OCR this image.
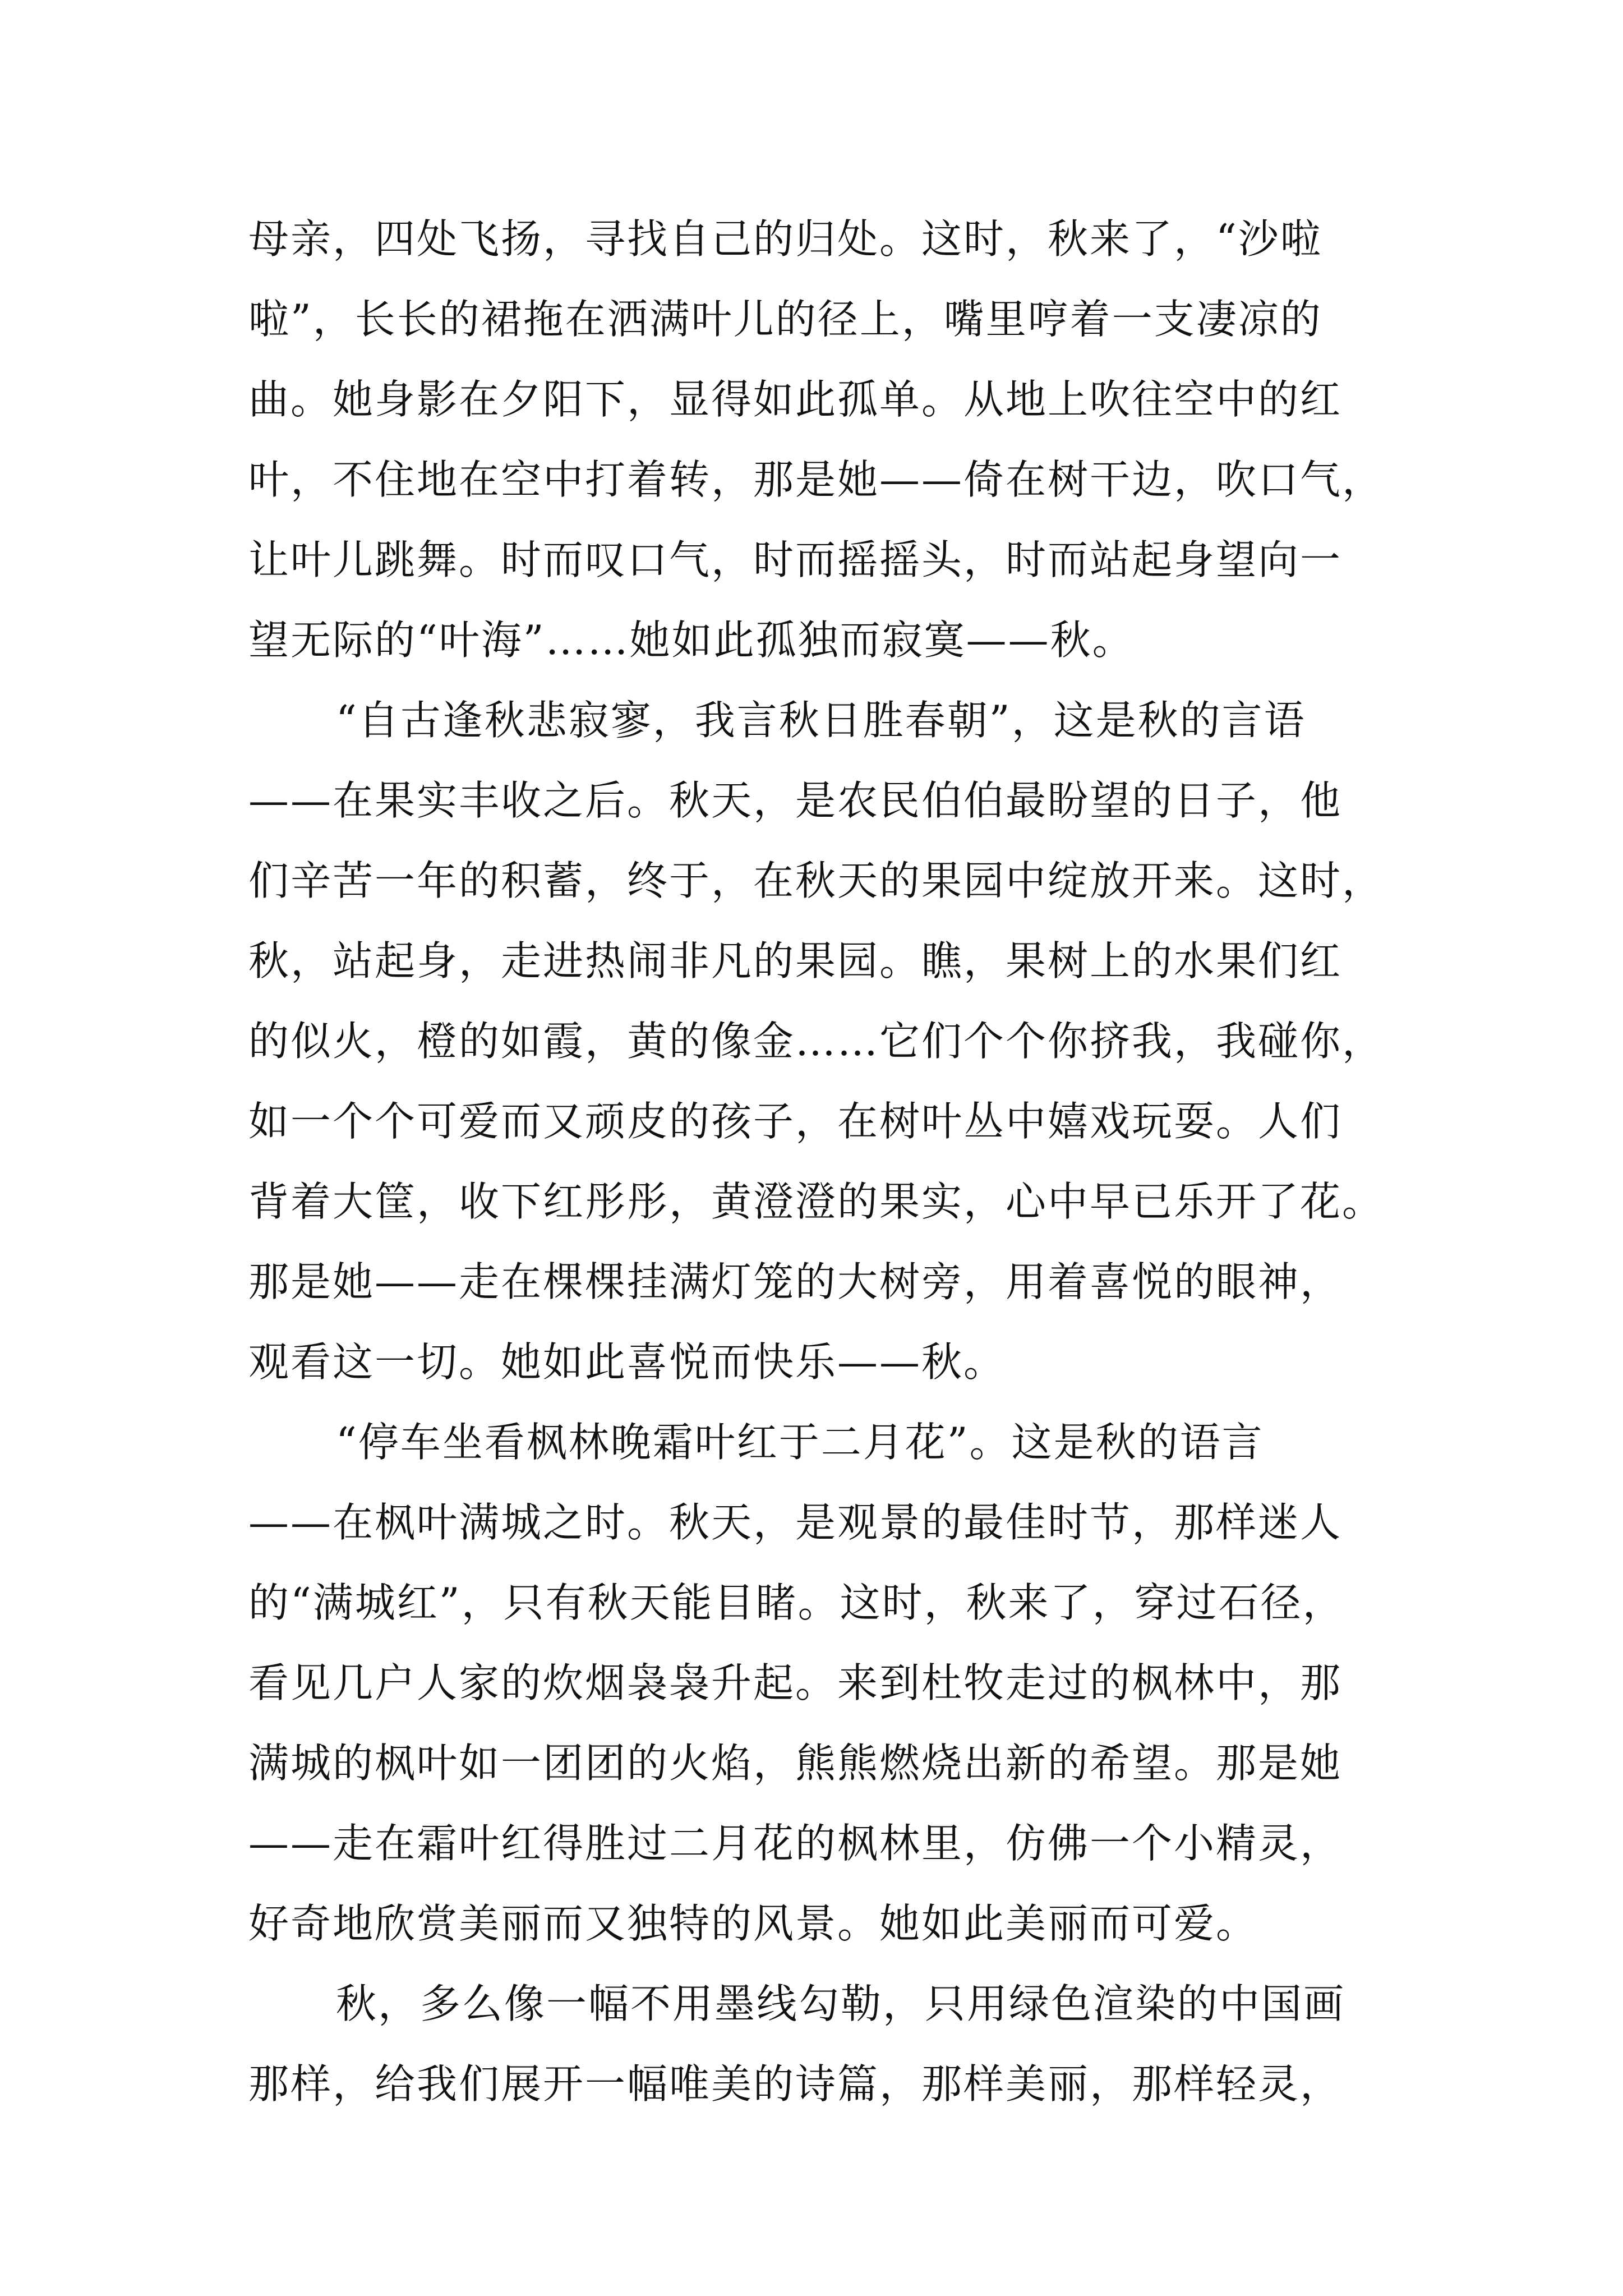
母亲，四处飞扬，寻找自己的归处。这时，秋来了，“沙啦
啦”，长长的裙拖在洒满叶儿的径上，嘴里哼着一支凄凉的
曲。她身影在夕阳下，显得如此孤单。从地上吹往空中的红
叶，不住地在空中打着转，那是她——倚在树干边，吹口气，
让叶儿跳舞。时而叹口气，时而摇摇头，时而站起身望向一
望无际的“叶海”……她如此孤独而寂寞——秋。
“自古逢秋悲寂寥，我言秋日胜春朝”，这是秋的言语
——在果实丰收之后。秋天，是农民伯伯最盼望的日子，他
们辛苦一年的积蓄，终于，在秋天的果园中绽放开来。这时，
秋，站起身，走进热闹非凡的果园。瞧，果树上的水果们红
的似火，橙的如霞，黄的像金……它们个个你挤我，我碰你，
如一个个可爱而又顽皮的孩子，在树叶丛中嬉戏玩耍。人们
背着大筐，收下红彤彤，黄澄澄的果实，心中早已乐开了花。
那是她——走在棵棵挂满灯笼的大树旁，用着喜悦的眼神，
观看这一切。她如此喜悦而快乐——秋。
“停车坐看枫林晚霜叶红于二月花”。这是秋的语言
——在枫叶满城之时。秋天，是观景的最佳时节，那样迷人
的“满城红”，只有秋天能目睹。这时，秋来了，穿过石径，
看见几户人家的炊烟袅袅升起。来到杜牧走过的枫林中，那
满城的枫叶如一团团的火焰，熊熊燃烧出新的希望。那是她
——走在霜叶红得胜过二月花的枫林里，仿佛一个小精灵，
好奇地欣赏美丽而又独特的风景。她如此美丽而可爱。
秋，多么像一幅不用墨线勾勒，只用绿色渲染的中国画
那样，给我们展开一幅唯美的诗篇，那样美丽，那样轻灵，
